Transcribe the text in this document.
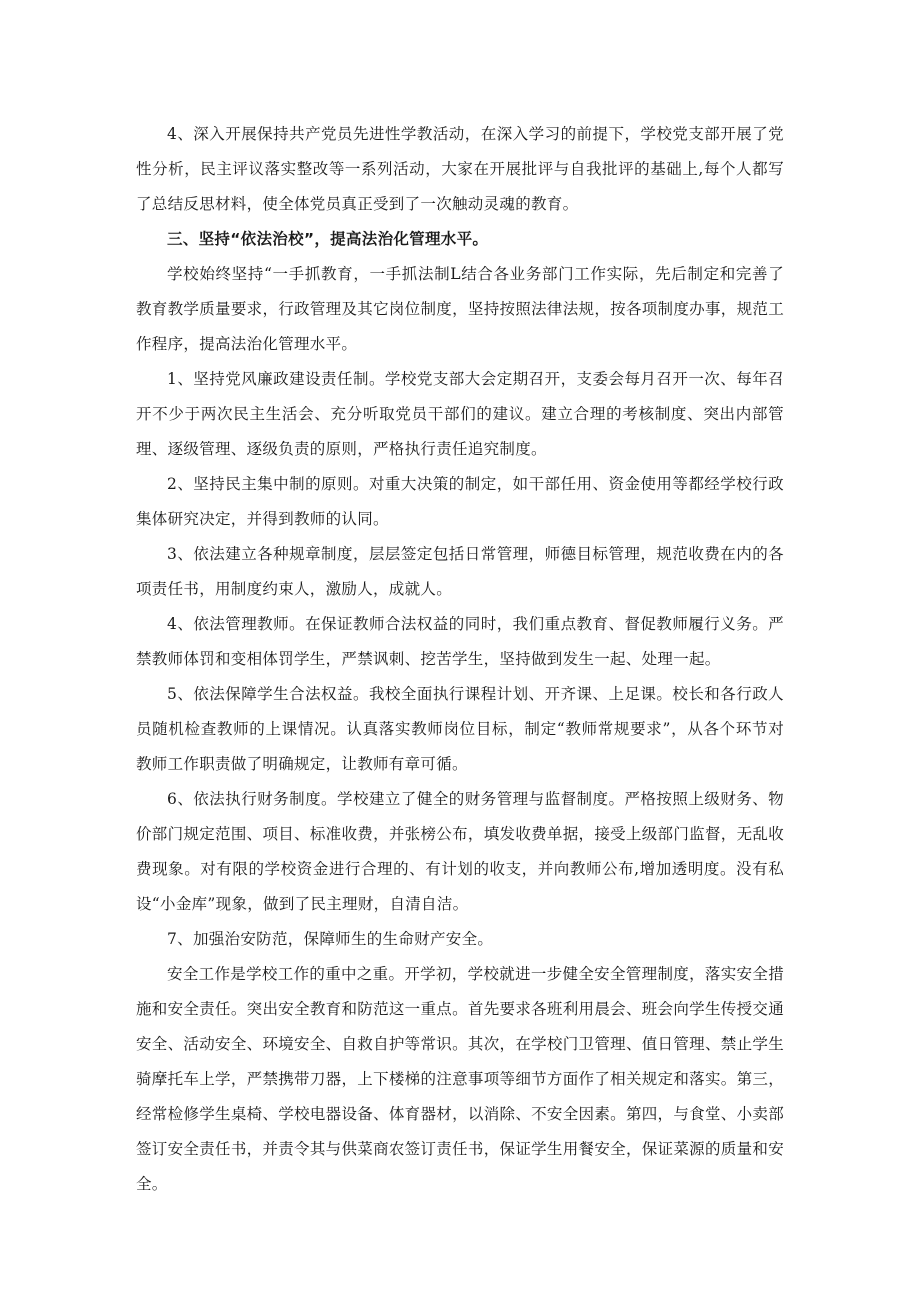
4、深入开展保持共产党员先进性学教活动，在深入学习的前提下，学校党支部开展了党性分析，民主评议落实整改等一系列活动，大家在开展批评与自我批评的基础上,每个人都写了总结反思材料，使全体党员真正受到了一次触动灵魂的教育。

三、坚持“依法治校”，提高法治化管理水平。

学校始终坚持“一手抓教育，一手抓法制L结合各业务部门工作实际，先后制定和完善了教育教学质量要求，行政管理及其它岗位制度，坚持按照法律法规，按各项制度办事，规范工作程序，提高法治化管理水平。

1、坚持党风廉政建设责任制。学校党支部大会定期召开，支委会每月召开一次、每年召开不少于两次民主生活会、充分听取党员干部们的建议。建立合理的考核制度、突出内部管理、逐级管理、逐级负责的原则，严格执行责任追究制度。

2、坚持民主集中制的原则。对重大决策的制定，如干部任用、资金使用等都经学校行政集体研究决定，并得到教师的认同。

3、依法建立各种规章制度，层层签定包括日常管理，师德目标管理，规范收费在内的各项责任书，用制度约束人，激励人，成就人。

4、依法管理教师。在保证教师合法权益的同时，我们重点教育、督促教师履行义务。严禁教师体罚和变相体罚学生，严禁讽刺、挖苦学生，坚持做到发生一起、处理一起。

5、依法保障学生合法权益。我校全面执行课程计划、开齐课、上足课。校长和各行政人员随机检查教师的上课情况。认真落实教师岗位目标，制定“教师常规要求”，从各个环节对教师工作职责做了明确规定，让教师有章可循。

6、依法执行财务制度。学校建立了健全的财务管理与监督制度。严格按照上级财务、物价部门规定范围、项目、标准收费，并张榜公布，填发收费单据，接受上级部门监督，无乱收费现象。对有限的学校资金进行合理的、有计划的收支，并向教师公布,增加透明度。没有私设“小金库”现象，做到了民主理财，自清自洁。

7、加强治安防范，保障师生的生命财产安全。

安全工作是学校工作的重中之重。开学初，学校就进一步健全安全管理制度，落实安全措施和安全责任。突出安全教育和防范这一重点。首先要求各班利用晨会、班会向学生传授交通安全、活动安全、环境安全、自救自护等常识。其次，在学校门卫管理、值日管理、禁止学生骑摩托车上学，严禁携带刀器，上下楼梯的注意事项等细节方面作了相关规定和落实。第三，经常检修学生桌椅、学校电器设备、体育器材，以消除、不安全因素。第四，与食堂、小卖部签订安全责任书，并责令其与供菜商农签订责任书，保证学生用餐安全，保证菜源的质量和安全。
